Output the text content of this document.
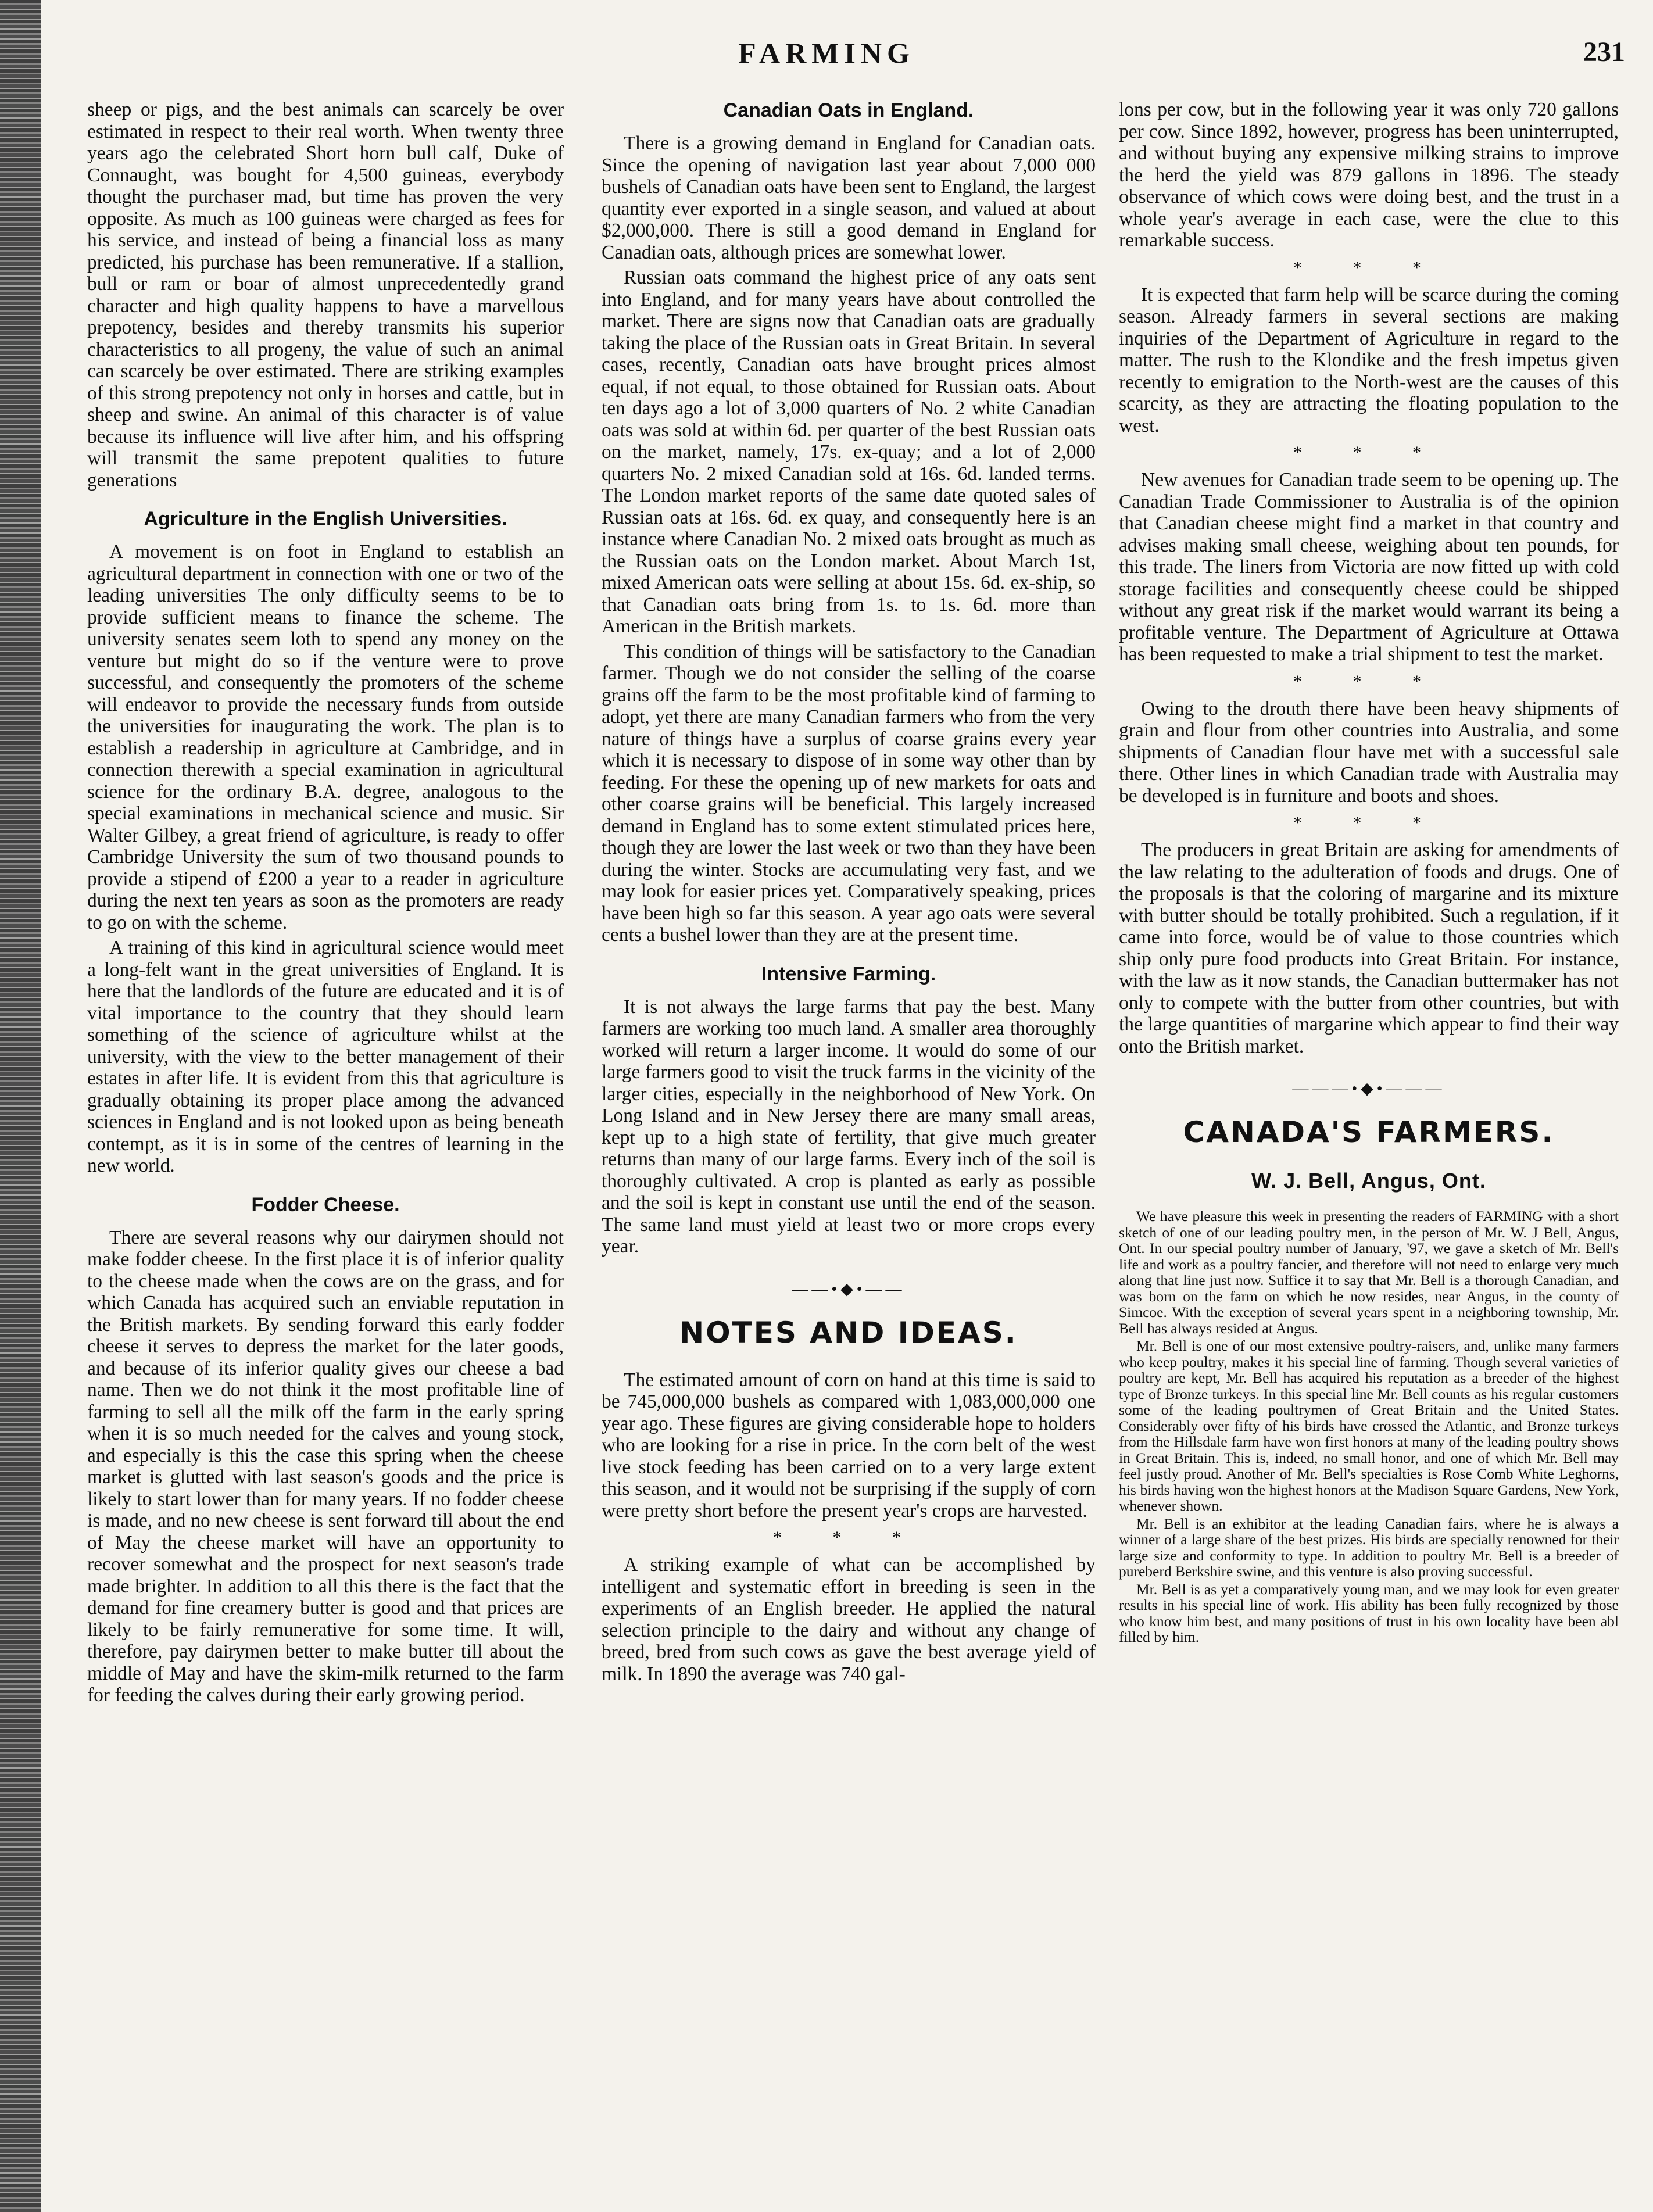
FARMING	231

sheep or pigs, and the best animals can scarcely be over estimated in respect to their real worth. When twenty three years ago the celebrated Short horn bull calf, Duke of Connaught, was bought for 4,500 guineas, everybody thought the purchaser mad, but time has proven the very opposite. As much as 100 guineas were charged as fees for his service, and instead of being a financial loss as many predicted, his purchase has been remunerative. If a stallion, bull or ram or boar of almost unprecedentedly grand character and high quality happens to have a marvellous prepotency, besides and thereby transmits his superior characteristics to all progeny, the value of such an animal can scarcely be over estimated. There are striking examples of this strong prepotency not only in horses and cattle, but in sheep and swine. An animal of this character is of value because its influence will live after him, and his offspring will transmit the same prepotent qualities to future generations

Agriculture in the English Universities.

A movement is on foot in England to establish an agricultural department in connection with one or two of the leading universities The only difficulty seems to be to provide sufficient means to finance the scheme. The university senates seem loth to spend any money on the venture but might do so if the venture were to prove successful, and consequently the promoters of the scheme will endeavor to provide the necessary funds from outside the universities for inaugurating the work. The plan is to establish a readership in agriculture at Cambridge, and in connection therewith a special examination in agricultural science for the ordinary B.A. degree, analogous to the special examinations in mechanical science and music. Sir Walter Gilbey, a great friend of agriculture, is ready to offer Cambridge University the sum of two thousand pounds to provide a stipend of £200 a year to a reader in agriculture during the next ten years as soon as the promoters are ready to go on with the scheme.

A training of this kind in agricultural science would meet a long-felt want in the great universities of England. It is here that the landlords of the future are educated and it is of vital importance to the country that they should learn something of the science of agriculture whilst at the university, with the view to the better management of their estates in after life. It is evident from this that agriculture is gradually obtaining its proper place among the advanced sciences in England and is not looked upon as being beneath contempt, as it is in some of the centres of learning in the new world.

Fodder Cheese.

There are several reasons why our dairymen should not make fodder cheese. In the first place it is of inferior quality to the cheese made when the cows are on the grass, and for which Canada has acquired such an enviable reputation in the British markets. By sending forward this early fodder cheese it serves to depress the market for the later goods, and because of its inferior quality gives our cheese a bad name. Then we do not think it the most profitable line of farming to sell all the milk off the farm in the early spring when it is so much needed for the calves and young stock, and especially is this the case this spring when the cheese market is glutted with last season's goods and the price is likely to start lower than for many years. If no fodder cheese is made, and no new cheese is sent forward till about the end of May the cheese market will have an opportunity to recover somewhat and the prospect for next season's trade made brighter. In addition to all this there is the fact that the demand for fine creamery butter is good and that prices are likely to be fairly remunerative for some time. It will, therefore, pay dairymen better to make butter till about the middle of May and have the skim-milk returned to the farm for feeding the calves during their early growing period.

Canadian Oats in England.

There is a growing demand in England for Canadian oats. Since the opening of navigation last year about 7,000 000 bushels of Canadian oats have been sent to England, the largest quantity ever exported in a single season, and valued at about $2,000,000. There is still a good demand in England for Canadian oats, although prices are somewhat lower.

Russian oats command the highest price of any oats sent into England, and for many years have about controlled the market. There are signs now that Canadian oats are gradually taking the place of the Russian oats in Great Britain. In several cases, recently, Canadian oats have brought prices almost equal, if not equal, to those obtained for Russian oats. About ten days ago a lot of 3,000 quarters of No. 2 white Canadian oats was sold at within 6d. per quarter of the best Russian oats on the market, namely, 17s. ex-quay; and a lot of 2,000 quarters No. 2 mixed Canadian sold at 16s. 6d. landed terms. The London market reports of the same date quoted sales of Russian oats at 16s. 6d. ex quay, and consequently here is an instance where Canadian No. 2 mixed oats brought as much as the Russian oats on the London market. About March 1st, mixed American oats were selling at about 15s. 6d. ex-ship, so that Canadian oats bring from 1s. to 1s. 6d. more than American in the British markets.

This condition of things will be satisfactory to the Canadian farmer. Though we do not consider the selling of the coarse grains off the farm to be the most profitable kind of farming to adopt, yet there are many Canadian farmers who from the very nature of things have a surplus of coarse grains every year which it is necessary to dispose of in some way other than by feeding. For these the opening up of new markets for oats and other coarse grains will be beneficial. This largely increased demand in England has to some extent stimulated prices here, though they are lower the last week or two than they have been during the winter. Stocks are accumulating very fast, and we may look for easier prices yet. Comparatively speaking, prices have been high so far this season. A year ago oats were several cents a bushel lower than they are at the present time.

Intensive Farming.

It is not always the large farms that pay the best. Many farmers are working too much land. A smaller area thoroughly worked will return a larger income. It would do some of our large farmers good to visit the truck farms in the vicinity of the larger cities, especially in the neighborhood of New York. On Long Island and in New Jersey there are many small areas, kept up to a high state of fertility, that give much greater returns than many of our large farms. Every inch of the soil is thoroughly cultivated. A crop is planted as early as possible and the soil is kept in constant use until the end of the season. The same land must yield at least two or more crops every year.

——•◆•——
NOTES AND IDEAS.

The estimated amount of corn on hand at this time is said to be 745,000,000 bushels as compared with 1,083,000,000 one year ago. These figures are giving considerable hope to holders who are looking for a rise in price. In the corn belt of the west live stock feeding has been carried on to a very large extent this season, and it would not be surprising if the supply of corn were pretty short before the present year's crops are harvested.

* * *

A striking example of what can be accomplished by intelligent and systematic effort in breeding is seen in the experiments of an English breeder. He applied the natural selection principle to the dairy and without any change of breed, bred from such cows as gave the best average yield of milk. In 1890 the average was 740 gal-

lons per cow, but in the following year it was only 720 gallons per cow. Since 1892, however, progress has been uninterrupted, and without buying any expensive milking strains to improve the herd the yield was 879 gallons in 1896. The steady observance of which cows were doing best, and the trust in a whole year's average in each case, were the clue to this remarkable success.

* * *

It is expected that farm help will be scarce during the coming season. Already farmers in several sections are making inquiries of the Department of Agriculture in regard to the matter. The rush to the Klondike and the fresh impetus given recently to emigration to the North-west are the causes of this scarcity, as they are attracting the floating population to the west.

* * *

New avenues for Canadian trade seem to be opening up. The Canadian Trade Commissioner to Australia is of the opinion that Canadian cheese might find a market in that country and advises making small cheese, weighing about ten pounds, for this trade. The liners from Victoria are now fitted up with cold storage facilities and consequently cheese could be shipped without any great risk if the market would warrant its being a profitable venture. The Department of Agriculture at Ottawa has been requested to make a trial shipment to test the market.

* * *

Owing to the drouth there have been heavy shipments of grain and flour from other countries into Australia, and some shipments of Canadian flour have met with a successful sale there. Other lines in which Canadian trade with Australia may be developed is in furniture and boots and shoes.

* * *

The producers in great Britain are asking for amendments of the law relating to the adulteration of foods and drugs. One of the proposals is that the coloring of margarine and its mixture with butter should be totally prohibited. Such a regulation, if it came into force, would be of value to those countries which ship only pure food products into Great Britain. For instance, with the law as it now stands, the Canadian buttermaker has not only to compete with the butter from other countries, but with the large quantities of margarine which appear to find their way onto the British market.

———•◆•———
CANADA'S FARMERS.
W. J. Bell, Angus, Ont.

We have pleasure this week in presenting the readers of FARMING with a short sketch of one of our leading poultry men, in the person of Mr. W. J Bell, Angus, Ont. In our special poultry number of January, '97, we gave a sketch of Mr. Bell's life and work as a poultry fancier, and therefore will not need to enlarge very much along that line just now. Suffice it to say that Mr. Bell is a thorough Canadian, and was born on the farm on which he now resides, near Angus, in the county of Simcoe. With the exception of several years spent in a neighboring township, Mr. Bell has always resided at Angus.

Mr. Bell is one of our most extensive poultry-raisers, and, unlike many farmers who keep poultry, makes it his special line of farming. Though several varieties of poultry are kept, Mr. Bell has acquired his reputation as a breeder of the highest type of Bronze turkeys. In this special line Mr. Bell counts as his regular customers some of the leading poultrymen of Great Britain and the United States. Considerably over fifty of his birds have crossed the Atlantic, and Bronze turkeys from the Hillsdale farm have won first honors at many of the leading poultry shows in Great Britain. This is, indeed, no small honor, and one of which Mr. Bell may feel justly proud. Another of Mr. Bell's specialties is Rose Comb White Leghorns, his birds having won the highest honors at the Madison Square Gardens, New York, whenever shown.

Mr. Bell is an exhibitor at the leading Canadian fairs, where he is always a winner of a large share of the best prizes. His birds are specially renowned for their large size and conformity to type. In addition to poultry Mr. Bell is a breeder of pureberd Berkshire swine, and this venture is also proving successful.

Mr. Bell is as yet a comparatively young man, and we may look for even greater results in his special line of work. His ability has been fully recognized by those who know him best, and many positions of trust in his own locality have been abl filled by him.
